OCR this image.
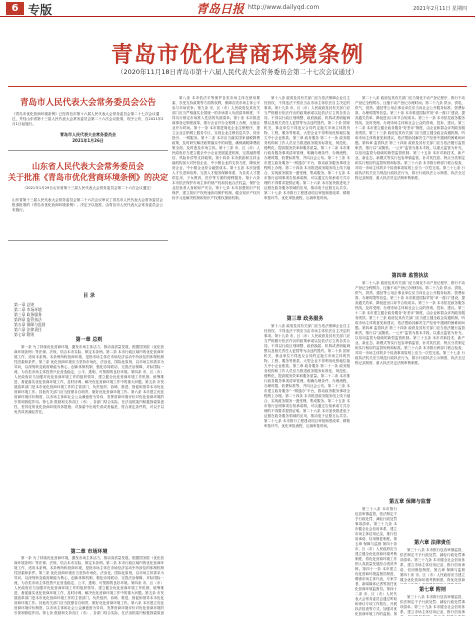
6 专版	青岛日报 http://www.dailyqd.com	2021年2月11日 星期四
青岛市优化营商环境条例
（2020年11月18日青岛市第十六届人民代表大会常务委员会第二十七次会议通过）
青岛市人民代表大会常务委员会公告
《青岛市优化营商环境条例》已经青岛市第十六届人民代表大会常务委员会第二十七次会议通过，并经山东省第十三届人民代表大会常务委员会第二十六次会议批准，现予公布，自2021年2月1日起施行。
青岛市人民代表大会常务委员会
2021年1月26日
山东省人民代表大会常务委员会
关于批准《青岛市优化营商环境条例》的决定
（2021年1月29日山东省第十三届人民代表大会常务委员会第二十六次会议通过）
山东省第十三届人民代表大会常务委员会第二十六次会议审议了青岛市人民代表大会常务委员会报请批准的《青岛市优化营商环境条例》，决定予以批准，由青岛市人民代表大会常务委员会公布施行。
目 录
第一章 总则
第二章 市场环境
第三章 政务服务
第四章 监管执法
第五章 保障与监督
第六章 法律责任
第七章 附则
第一章 总则
第二章 市场环境
第三章 政务服务
第四章 监管执法
第五章 保障与监督
第六章 法律责任
第七章 附则

第一条 为了持续优化营商环境，激发市场主体活力，推动高质量发展，根据国务院《优化营商环境条例》等法律、法规，结合本市实际，制定本条例。第二条 本市行政区域内的优化营商环境工作，适用本条例。本条例所称营商环境，是指市场主体在市场经济活动中所涉及的体制机制性因素和条件。第三条 优化营商环境应当坚持市场化、法治化、国际化原则，以市场主体需求为导向，以深刻转变政府职能为核心，创新体制机制、强化协同联动、完善法治保障，对标国际一流，为各类市场主体投资兴业营造稳定、公平、透明、可预期的良好环境。第四条 市、区（市）人民政府应当加强对优化营商环境工作的组织领导，建立健全优化营商环境工作机制，统筹推进、督促落实优化营商环境工作，及时协调、解决优化营商环境工作中的重大问题。第五条 市发展改革部门是本市优化营商环境工作的主管部门，负责组织、协调、推进、督促和指导本市优化营商环境工作。其他有关部门应当按照各自职责，做好优化营商环境工作。第六条 本市建立优化营商环境评价制度，以市场主体和社会公众满意度为导向，发挥营商环境评价对优化营商环境的引领和督促作用。第七条 鼓励和支持各区（市）、各部门结合实际，在法治框架内积极探索原创性、差异化的优化营商环境具体措施；对探索中出现失误或者偏差，符合规定条件的，可以予以免责或者减轻责任。

第一条 为了持续优化营商环境，激发市场主体活力，推动高质量发展，根据国务院《优化营商环境条例》等法律、法规，结合本市实际，制定本条例。第二条 本市行政区域内的优化营商环境工作，适用本条例。本条例所称营商环境，是指市场主体在市场经济活动中所涉及的体制机制性因素和条件。第三条 优化营商环境应当坚持市场化、法治化、国际化原则，以市场主体需求为导向，以深刻转变政府职能为核心，创新体制机制、强化协同联动、完善法治保障，对标国际一流，为各类市场主体投资兴业营造稳定、公平、透明、可预期的良好环境。第四条 市、区（市）人民政府应当加强对优化营商环境工作的组织领导，建立健全优化营商环境工作机制，统筹推进、督促落实优化营商环境工作，及时协调、解决优化营商环境工作中的重大问题。第五条 市发展改革部门是本市优化营商环境工作的主管部门，负责组织、协调、推进、督促和指导本市优化营商环境工作。其他有关部门应当按照各自职责，做好优化营商环境工作。第六条 本市建立优化营商环境评价制度，以市场主体和社会公众满意度为导向，发挥营商环境评价对优化营商环境的引领和督促作用。第七条 鼓励和支持各区（市）、各部门结合实际，在法治框架内积极探索原创

第八条 本市依法平等保护各类市场主体在使用要素、享受支持政策等方面的权利，保障各类市场主体公平参与市场竞争。第九条 市、区（市）人民政府及其有关部门应当严格落实全国统一的市场准入负面清单制度，不得另行制定市场准入性质的负面清单。第十条 本市推进商事登记制度改革，推行企业开办全程网上办理，压缩企业开办时间。第十一条 本市推进简化企业注销程序，建立企业注销网上服务专区，实现企业注销信息共享、同步指引、一网服务。第十二条 本市应当落实国家减税降费政策，及时研究解决政策落实中的问题，确保减税降费政策全面、及时惠及市场主体。第十三条 市、区（市）人民政府应当建立健全中小企业发展促进机制，完善融资增信、风险补偿等支持政策。第十四条 本市鼓励和支持金融机构加大对民营企业、中小微企业的支持力度，降低民营企业、中小微企业综合融资成本。第十五条 本市加强人才引进和培养，完善人才服务保障体系，为各类人才提供住房、子女教育、医疗等方面的便利服务。第十六条 本市依法保护市场主体的财产权和其他合法权益，保护企业经营者人身和财产安全。第十七条 本市加强知识产权保护，建立知识产权快速协同保护机制，健全知识产权纠纷多元化解决机制和知识产权维权援助机制。

第十八条 政府及其有关部门应当依法保障企业自主经营权，不得违法干预应当由市场主体依法自主决定的事项。第十九条 市、区（市）人民政府及其有关部门应当严格履行依法作出的政策承诺以及依法订立的各类合同，不得以行政区划调整、政府换届、机构或者职能调整以及相关责任人更替等为由违约毁约。第二十条 国家机关、事业单位不得违反合同约定拖欠市场主体的货物、工程、服务等账款，大型企业不得利用优势地位拖欠中小企业账款。第三章 政务服务 第二十一条 政务服务机构和工作人员应当推进政务服务标准化、规范化、便利化，提高服务效率和服务质量。第二十二条 本市推行政务服务事项清单管理，明确办理条件、办理流程、办理时限、收费标准等，并向社会公布。第二十三条 本市建立政务服务“一网通办”平台，推动政务服务事项全程网上办理。第二十四条 本市推进政务服务线上线下融合，实现政务服务一窗受理、集成服务。第二十五条 本市推行证明事项告知承诺制，可以通过告知承诺方式办理的不得要求提供证明。第二十六条 本市加快推进电子证照在政务服务领域的应用，推动电子证照互认共享。第二十七条 本市推行工程建设项目审批制度改革，精简审批环节，优化审批流程，压减审批时间。

第十八条 政府及其有关部门应当依法保障企业自主经营权，不得违法干预应当由市场主体依法自主决定的事项。第十九条 市、区（市）人民政府及其有关部门应当严格履行依法作出的政策承诺以及依法订立的各类合同，不得以行政区划调整、政府换届、机构或者职能调整以及相关责任人更替等为由违约毁约。第二十条 国家机关、事业单位不得违反合同约定拖欠市场主体的货物、工程、服务等账款，大型企业不得利用优势地位拖欠中小企业账款。第三章 政务服务 第二十一条 政务服务机构和工作人员应当推进政务服务标准化、规范化、便利化，提高服务效率和服务质量。第二十二条 本市推行政务服务事项清单管理，明确办理条件、办理流程、办理时限、收费标准等，并向社会公布。第二十三条 本市建立政务服务“一网通办”平台，推动政务服务事项全程网上办理。第二十四条 本市推进政务服务线上线下融合，实现政务服务一窗受理、集成服务。第二十五条 本市推行证明事项告知承诺制，可以通过告知承诺方式办理的不得要求提供证明。第二十六条 本市加快推进电子证照在政务服务领域的应用，推动电子证照互认共享。第二十七条 本市推行工程建设项目审批制度改革，精简审批环节，优化审批流程，压减审批时间。

第二十八条 政府及其有关部门应当简化不动产登记程序，推行不动产登记全程网办，压缩不动产登记办理时间。第二十九条 供水、供电、供气、供热、通信等公用企事业单位应当向社会公开服务标准、资费标准、办理时限等信息。第三十条 本市推进国际贸易“单一窗口”建设，提高通关效率，降低进出口环节合规成本。第三十一条 本市依托政务服务热线，及时受理、办理市场主体和社会公众的咨询、投诉、建议。第三十二条 本市建立健全政务服务“好差评”制度，由企业和群众评判政务服务绩效。第三十三条 政府及其有关部门应当建立健全政企沟通机制，听取市场主体的意见和建议，依法帮助其解决生产经营中遇到的困难和问题。第四章 监管执法 第三十四条 政府及其有关部门应当依法履行监管职责，推行以“双随机、一公开”监管为基本手段、以重点监管为补充、以信用监管为基础的新型监管机制。第三十五条 本市对新技术、新产业、新业态、新模式等实行包容审慎监管，针对其性质、特点分类制定和实行相应的监管规则和标准。第三十六条 本市推行跨部门联合检查，对同一市场主体的多个检查事项原则上应当一次性完成。第三十七条 行政执法机关应当规范行政执法行为，推行行政执法公示制度、执法全过程记录制度、重大执法决定法制审核制度。

第二十八条 政府及其有关部门应当简化不动产登记程序，推行不动产登记全程网办，压缩不动产登记办理时间。第二十九条 供水、供电、供气、供热、通信等公用企事业单位应当向社会公开服务标准、资费标准、办理时限等信息。第三十条 本市推进国际贸易“单一窗口”建设，提高通关效率，降低进出口环节合规成本。第三十一条 本市依托政务服务热线，及时受理、办理市场主体和社会公众的咨询、投诉、建议。第三十二条 本市建立健全政务服务“好差评”制度，由企业和群众评判政务服务绩效。第三十三条 政府及其有关部门应当建立健全政企沟通机制，听取市场主体的意见和建议，依法帮助其解决生产经营中遇到的困难和问题。第四章 监管执法 第三十四条 政府及其有关部门应当依法履行监管职责，推行以“双随机、一公开”监管为基本手段、以重点监管为补充、以信用监管为基础的新型监管机制。第三十五条 本市对新技术、新产业、新业态、新模式等实行包容审慎监管，针对其性质、特点分类制定和实行相应的监管规则和标准。第三十六条 本市推行跨部门联合检查，对同一市场主体的多个检查事项原则上应当一次性完成。第三十七条 行政执法机关应当规范行政执法行为，推行行政执法公示制度、执法全过程记录制度、重大执法决定法制审核制度。

第三十八条 本市推行包容审慎监管，依法制定不予行政处罚、减轻行政处罚事项清单。第三十九条 本市健全社会信用体系，建立市场主体信用记录，推行信用承诺、信用修复制度。第五章 保障与监督 第四十条 市、区（市）人民政府应当建立健全优化营商环境考核制度，将优化营商环境工作纳入高质量发展综合绩效考核。第四十一条 本市建立优化营商环境监督员制度，聘请市场主体代表、专家学者、新闻媒体记者等担任优化营商环境监督员。第四十二条 市、区（市）人民代表大会常务委员会通过听取和审议专项工作报告、开展执法检查等方式，加强对优化营商环境工作的监督。第

第三十八条 本市推行包容审慎监管，依法制定不予行政处罚、减轻行政处罚事项清单。第三十九条 本市健全社会信用体系，建立市场主体信用记录，推行信用承诺、信用修复制度。第五章 保障与监督 第四十条 市、区（市）人民政府应当建立健全优化营商环境考核制度，将优化营商

第三十八条 本市推行包容审慎监管，依法制定不予行政处罚、减轻行政处罚事项清单。第三十九条 本市健全社会信用体系，建立市场主体信用记录，推行信用承
